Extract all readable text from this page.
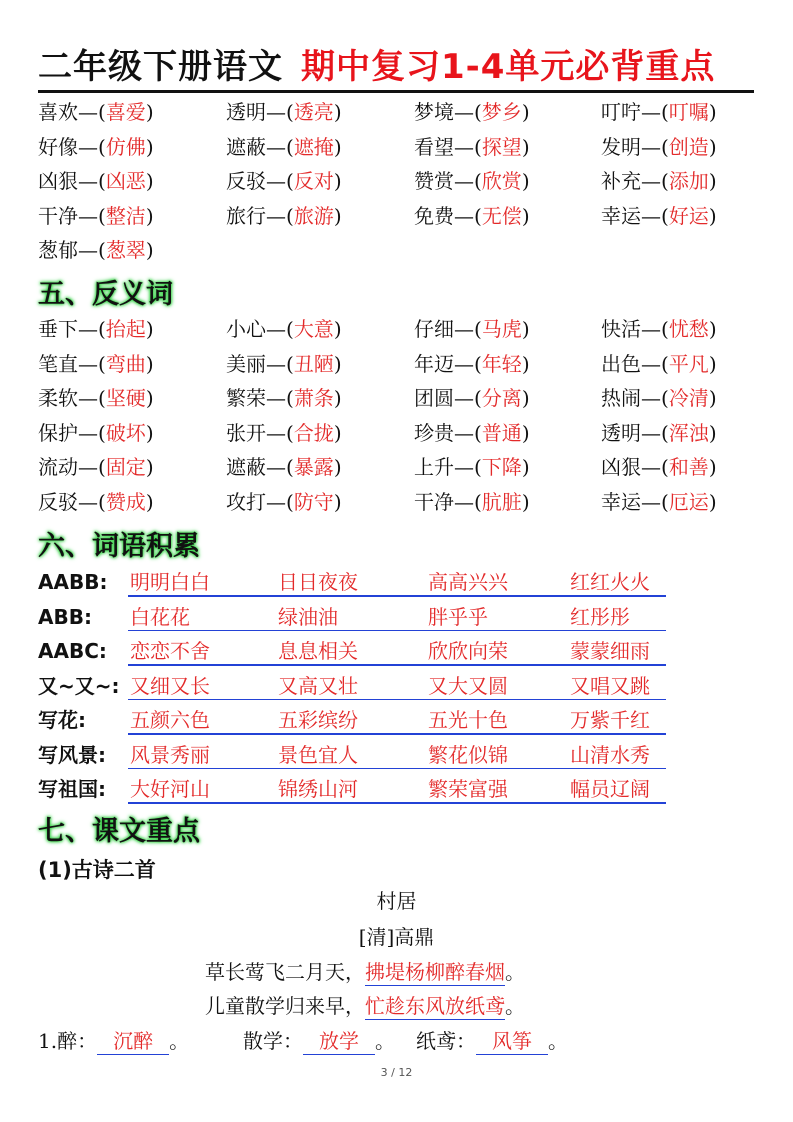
二年级下册语文 期中复习1-4单元必背重点
喜欢—(喜爱)	透明—(透亮)	梦境—(梦乡)	叮咛—(叮嘱)
好像—(仿佛)	遮蔽—(遮掩)	看望—(探望)	发明—(创造)
凶狠—(凶恶)	反驳—(反对)	赞赏—(欣赏)	补充—(添加)
干净—(整洁)	旅行—(旅游)	免费—(无偿)	幸运—(好运)
葱郁—(葱翠)
五、反义词
垂下—(抬起)	小心—(大意)	仔细—(马虎)	快活—(忧愁)
笔直—(弯曲)	美丽—(丑陋)	年迈—(年轻)	出色—(平凡)
柔软—(坚硬)	繁荣—(萧条)	团圆—(分离)	热闹—(冷清)
保护—(破坏)	张开—(合拢)	珍贵—(普通)	透明—(浑浊)
流动—(固定)	遮蔽—(暴露)	上升—(下降)	凶狠—(和善)
反驳—(赞成)	攻打—(防守)	干净—(肮脏)	幸运—(厄运)
六、词语积累
AABB: 明明白白	日日夜夜	高高兴兴	红红火火
ABB: 白花花	绿油油	胖乎乎	红彤彤
AABC: 恋恋不舍	息息相关	欣欣向荣	蒙蒙细雨
又~又~: 又细又长	又高又壮	又大又圆	又唱又跳
写花: 五颜六色	五彩缤纷	五光十色	万紫千红
写风景: 风景秀丽	景色宜人	繁花似锦	山清水秀
写祖国: 大好河山	锦绣山河	繁荣富强	幅员辽阔
七、课文重点
(1)古诗二首
村居
[清]高鼎
草长莺飞二月天，拂堤杨柳醉春烟。
儿童散学归来早，忙趁东风放纸鸢。
1.醉： 沉醉 。	散学： 放学 。 纸鸢： 风筝 。
3 / 12
